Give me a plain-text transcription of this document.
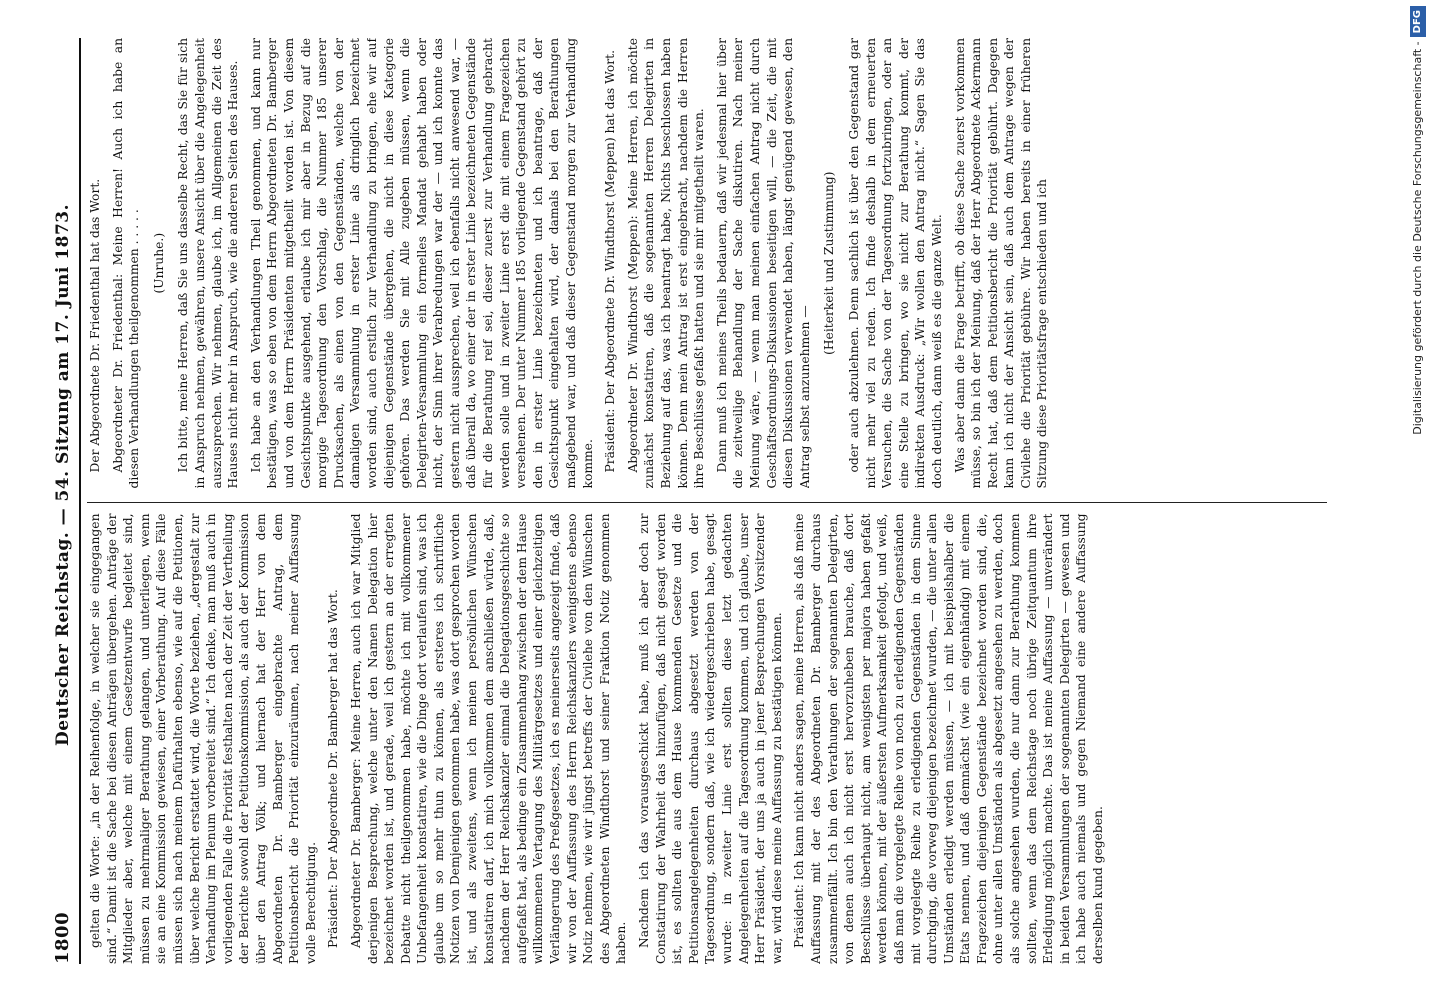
1800
Deutscher Reichstag. — 54. Sitzung am 17. Juni 1873. gelten die Worte: „in der Reihenfolge, in welcher sie eingegangen sind.“ Damit ist die Sache bei diesen Anträgen übergehen. Anträge der Mitglieder aber, welche mit einem Gesetzentwurfe begleitet sind, müssen zu mehrmaliger Berathung gelangen, und unterliegen, wenn sie an eine Kommission gewiesen, einer Vorberathung. Auf diese Fälle müssen sich nach meinem Dafürhalten ebenso, wie auf die Petitionen, über welche Bericht erstattet wird, die Worte beziehen, „dergestalt zur Verhandlung im Plenum vorbereitet sind.“ Ich denke, man muß auch in vorliegenden Falle die Priorität festhalten nach der Zeit der Vertheilung der Berichte sowohl der Petitionskommission, als auch der Kommission über den Antrag Völk; und hiernach hat der Herr von dem Abgeordneten Dr. Bamberger eingebrachte Antrag, dem Petitionsbericht die Priorität einzuräumen, nach meiner Auffassung volle Berechtigung. Präsident: Der Abgeordnete Dr. Bamberger hat das Wort. Abgeordneter Dr. Bamberger: Meine Herren, auch ich war Mitglied derjenigen Besprechung, welche unter den Namen Delegation hier bezeichnet worden ist, und gerade, weil ich gestern an der erregten Debatte nicht theilgenommen habe, möchte ich mit vollkommener Unbefangenheit konstatiren, wie die Dinge dort verlaufen sind, was ich glaube um so mehr thun zu können, als ersteres ich schriftliche Notizen von Demjenigen genommen habe, was dort gesprochen worden ist, und als zweitens, wenn ich meinen persönlichen Wünschen konstatiren darf, ich mich vollkommen dem anschließen würde, daß, nachdem der Herr Reichskanzler einmal die Delegationsgeschichte so aufgefaßt hat, als bedinge ein Zusammenhang zwischen der dem Hause willkommenen Vertagung des Militärgesetzes und einer gleichzeitigen Verlängerung des Preßgesetzes, ich es meinerseits angezeigt finde, daß wir von der Auffassung des Herrn Reichskanzlers wenigstens ebenso Notiz nehmen, wie wir jüngst betreffs der Civilehe von den Wünschen des Abgeordneten Windthorst und seiner Fraktion Notiz genommen haben. Nachdem ich das vorausgeschickt habe, muß ich aber doch zur Constatirung der Wahrheit das hinzufügen, daß nicht gesagt worden ist, es sollten die aus dem Hause kommenden Gesetze und die Petitionsangelegenheiten durchaus abgesetzt werden von der Tagesordnung, sondern daß, wie ich wiedergeschrieben habe, gesagt wurde: in zweiter Linie erst sollten diese letzt gedachten Angelegenheiten auf die Tagesordnung kommen, und ich glaube, unser Herr Präsident, der uns ja auch in jener Besprechungen Vorsitzender war, wird diese meine Auffassung zu bestätigen können. Präsident: Ich kann nicht anders sagen, meine Herren, als daß meine Auffassung mit der des Abgeordneten Dr. Bamberger durchaus zusammenfällt. Ich bin den Verathungen der sogenannten Delegirten, von denen auch ich nicht erst hervorzuheben brauche, daß dort Beschlüsse überhaupt nicht, am wenigsten per majora haben gefaßt werden können, mit der äußersten Aufmerksamkeit gefolgt, und weiß, daß man die vorgelegte Reihe von noch zu erledigenden Gegenständen mit vorgelegte Reihe zu erledigenden Gegenständen in dem Sinne durchging, die vorweg diejenigen bezeichnet wurden, — die unter allen Umständen erledigt werden müssen, — ich mit beispielshalber die Etats nennen, und daß demnächst (wie ein eigenhändig) mit einem Fragezeichen diejenigen Gegenstände bezeichnet worden sind, die, ohne unter allen Umständen als abgesetzt angesehen zu werden, doch als solche angesehen wurden, die nur dann zur Berathung kommen sollten, wenn das dem Reichstage noch übrige Zeitquantum ihre Erledigung möglich machte. Das ist meine Auffassung — unverändert in beiden Versammlungen der sogenannten Delegirten — gewesen und ich habe auch niemals und gegen Niemand eine andere Auffassung derselben kund gegeben.

Der Abgeordnete Dr. Friedenthal hat das Wort. Abgeordneter Dr. Friedenthal: Meine Herren! Auch ich habe an diesen Verhandlungen theilgenommen . . . . . (Unruhe.) Ich bitte, meine Herren, daß Sie uns dasselbe Recht, das Sie für sich in Anspruch nehmen, gewähren, unsere Ansicht über die Angelegenheit auszusprechen. Wir nehmen, glaube ich, im Allgemeinen die Zeit des Hauses nicht mehr in Anspruch, wie die anderen Seiten des Hauses. Ich habe an den Verhandlungen Theil genommen, und kann nur bestätigen, was so eben von dem Herrn Abgeordneten Dr. Bamberger und von dem Herrn Präsidenten mitgetheilt worden ist. Von diesem Gesichtspunkte ausgehend, erlaube ich mir aber in Bezug auf die morgige Tagesordnung den Vorschlag, die Nummer 185 unserer Drucksachen, als einen von den Gegenständen, welche von der damaligen Versammlung in erster Linie als dringlich bezeichnet worden sind, auch erstlich zur Verhandlung zu bringen, ehe wir auf diejenigen Gegenstände übergehen, die nicht in diese Kategorie gehören. Das werden Sie mit Alle zugeben müssen, wenn die Delegirten-Versammlung ein formelles Mandat gehabt haben oder nicht, der Sinn ihrer Verabredungen war der — und ich konnte das gestern nicht aussprechen, weil ich ebenfalls nicht anwesend war, — daß überall da, wo einer der in erster Linie bezeichneten Gegenstände für die Berathung reif sei, dieser zuerst zur Verhandlung gebracht werden solle und in zweiter Linie erst die mit einem Fragezeichen versehenen. Der unter Nummer 185 vorliegende Gegenstand gehört zu den in erster Linie bezeichneten und ich beantrage, daß der Gesichtspunkt eingehalten wird, der damals bei den Berathungen maßgebend war, und daß dieser Gegenstand morgen zur Verhandlung komme. Präsident: Der Abgeordnete Dr. Windthorst (Meppen) hat das Wort. Abgeordneter Dr. Windthorst (Meppen): Meine Herren, ich möchte zunächst konstatiren, daß die sogenannten Herren Delegirten in Beziehung auf das, was ich beantragt habe, Nichts beschlossen haben können. Denn mein Antrag ist erst eingebracht, nachdem die Herren ihre Beschlüsse gefaßt hatten und sie mir mitgetheilt waren. Dann muß ich meines Theils bedauern, daß wir jedesmal hier über die zeitweilige Behandlung der Sache diskutiren. Nach meiner Meinung wäre, — wenn man meinen einfachen Antrag nicht durch Geschäftsordnungs-Diskussionen beseitigen will, — die Zeit, die mit diesen Diskussionen verwendet haben, längst genügend gewesen, den Antrag selbst anzunehmen —

(Heiterkeit und Zustimmung) oder auch abzulehnen. Denn sachlich ist über den Gegenstand gar nicht mehr viel zu reden. Ich finde deshalb in dem erneuerten Versuchen, die Sache von der Tagesordnung fortzubringen, oder an eine Stelle zu bringen, wo sie nicht zur Berathung kommt, der indirekten Ausdruck: „Wir wollen den Antrag nicht.“ Sagen Sie das doch deutlich, dann weiß es die ganze Welt. Was aber dann die Frage betrifft, ob diese Sache zuerst vorkommen müsse, so bin ich der Meinung, daß der Herr Abgeordnete Ackermann Recht hat, daß dem Petitionsbericht die Priorität gebührt. Dagegen kann ich nicht der Ansicht sein, daß auch dem Antrage wegen der Civilehe die Priorität gebühre. Wir haben bereits in einer früheren Sitzung diese Prioritätsfrage entschieden und ich	Digitalisierung gefördert durch die Deutsche Forschungsgemeinschaft -
DFG
